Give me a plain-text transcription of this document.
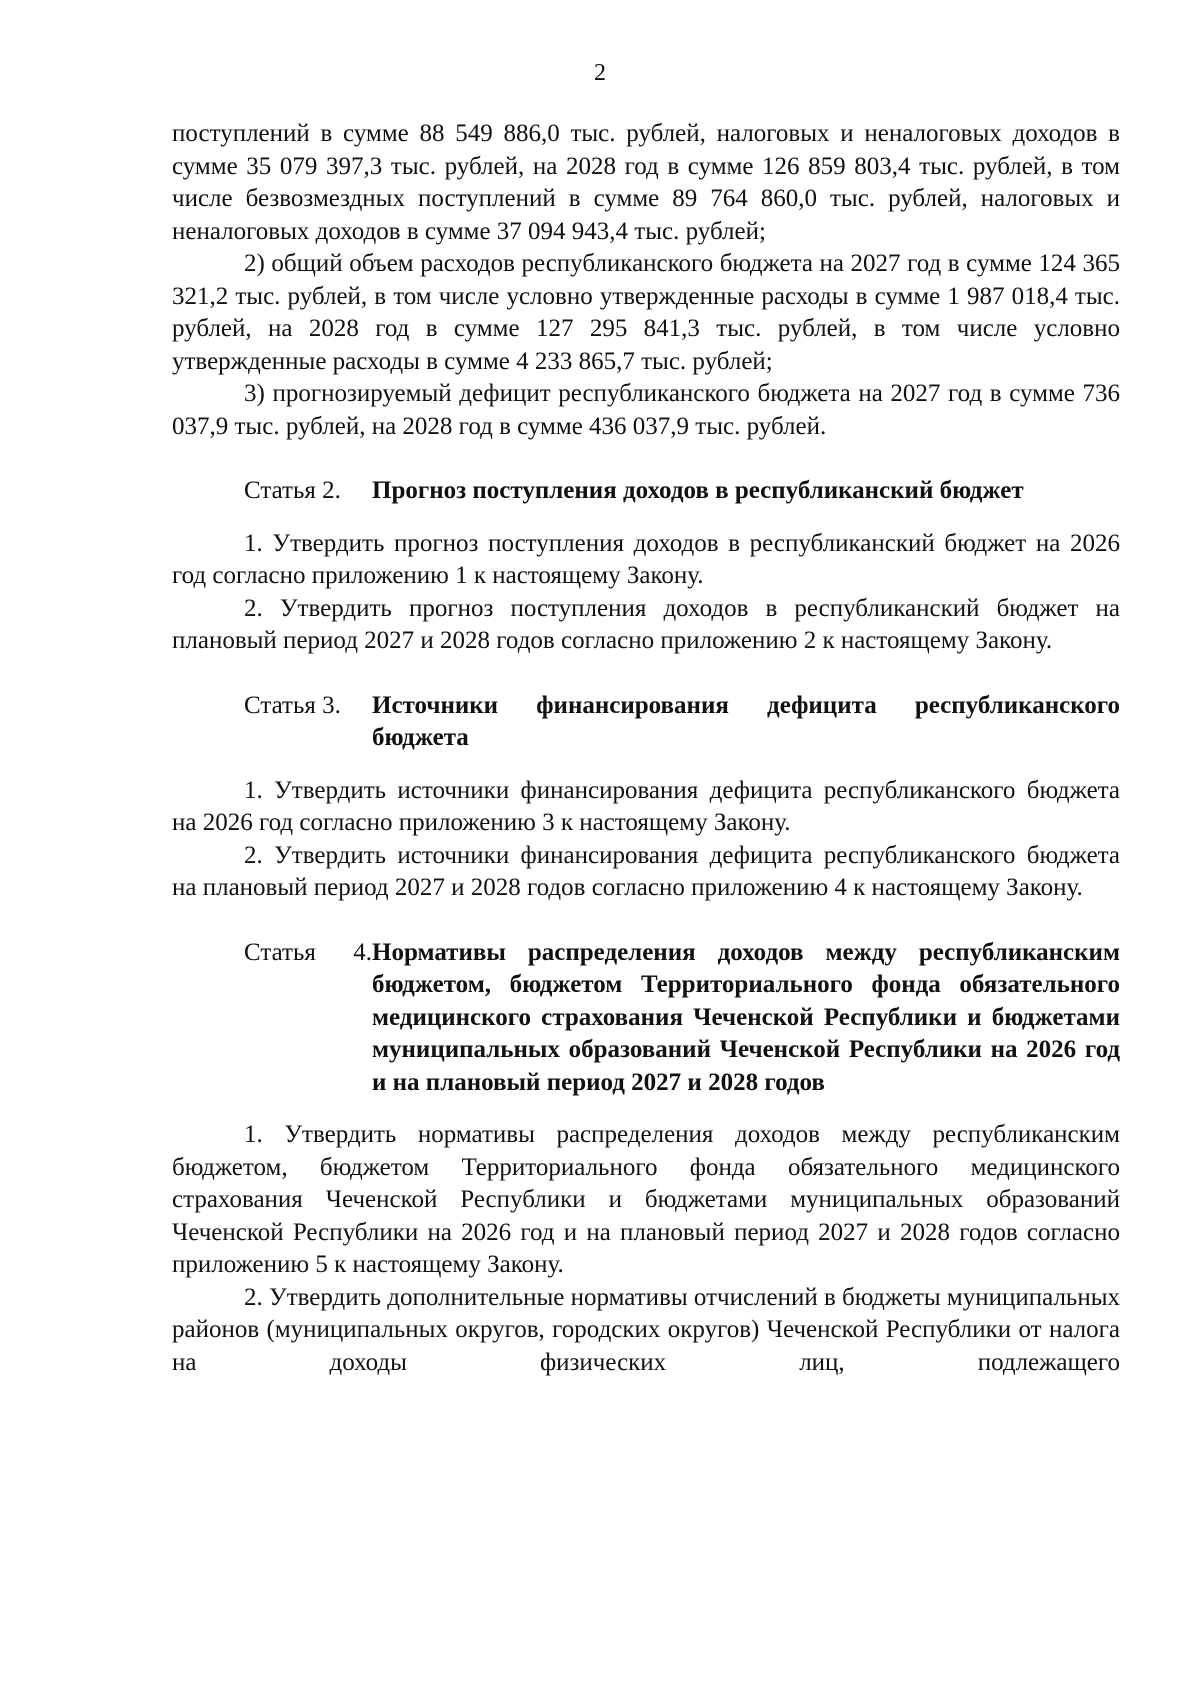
2

поступлений в сумме 88 549 886,0 тыс. рублей, налоговых и неналоговых доходов в сумме 35 079 397,3 тыс. рублей, на 2028 год в сумме 126 859 803,4 тыс. рублей, в том числе безвозмездных поступлений в сумме 89 764 860,0 тыс. рублей, налоговых и неналоговых доходов в сумме 37 094 943,4 тыс. рублей;

2) общий объем расходов республиканского бюджета на 2027 год в сумме 124 365 321,2 тыс. рублей, в том числе условно утвержденные расходы в сумме 1 987 018,4 тыс. рублей, на 2028 год в сумме 127 295 841,3 тыс. рублей, в том числе условно утвержденные расходы в сумме 4 233 865,7 тыс. рублей;

3) прогнозируемый дефицит республиканского бюджета на 2027 год в сумме 736 037,9 тыс. рублей, на 2028 год в сумме 436 037,9 тыс. рублей.

Статья 2.	Прогноз поступления доходов в республиканский бюджет

1. Утвердить прогноз поступления доходов в республиканский бюджет на 2026 год согласно приложению 1 к настоящему Закону.

2. Утвердить прогноз поступления доходов в республиканский бюджет на плановый период 2027 и 2028 годов согласно приложению 2 к настоящему Закону.

Статья 3.	Источники финансирования дефицита республиканского бюджета

1. Утвердить источники финансирования дефицита республиканского бюджета на 2026 год согласно приложению 3 к настоящему Закону.

2. Утвердить источники финансирования дефицита республиканского бюджета на плановый период 2027 и 2028 годов согласно приложению 4 к настоящему Закону.

Статья 4. Нормативы распределения доходов между республиканским бюджетом, бюджетом Территориального фонда обязательного медицинского страхования Чеченской Республики и бюджетами муниципальных образований Чеченской Республики на 2026 год и на плановый период 2027 и 2028 годов

1. Утвердить нормативы распределения доходов между республиканским бюджетом, бюджетом Территориального фонда обязательного медицинского страхования Чеченской Республики и бюджетами муниципальных образований Чеченской Республики на 2026 год и на плановый период 2027 и 2028 годов согласно приложению 5 к настоящему Закону.

2. Утвердить дополнительные нормативы отчислений в бюджеты муниципальных районов (муниципальных округов, городских округов) Чеченской Республики от налога на доходы физических лиц, подлежащего
